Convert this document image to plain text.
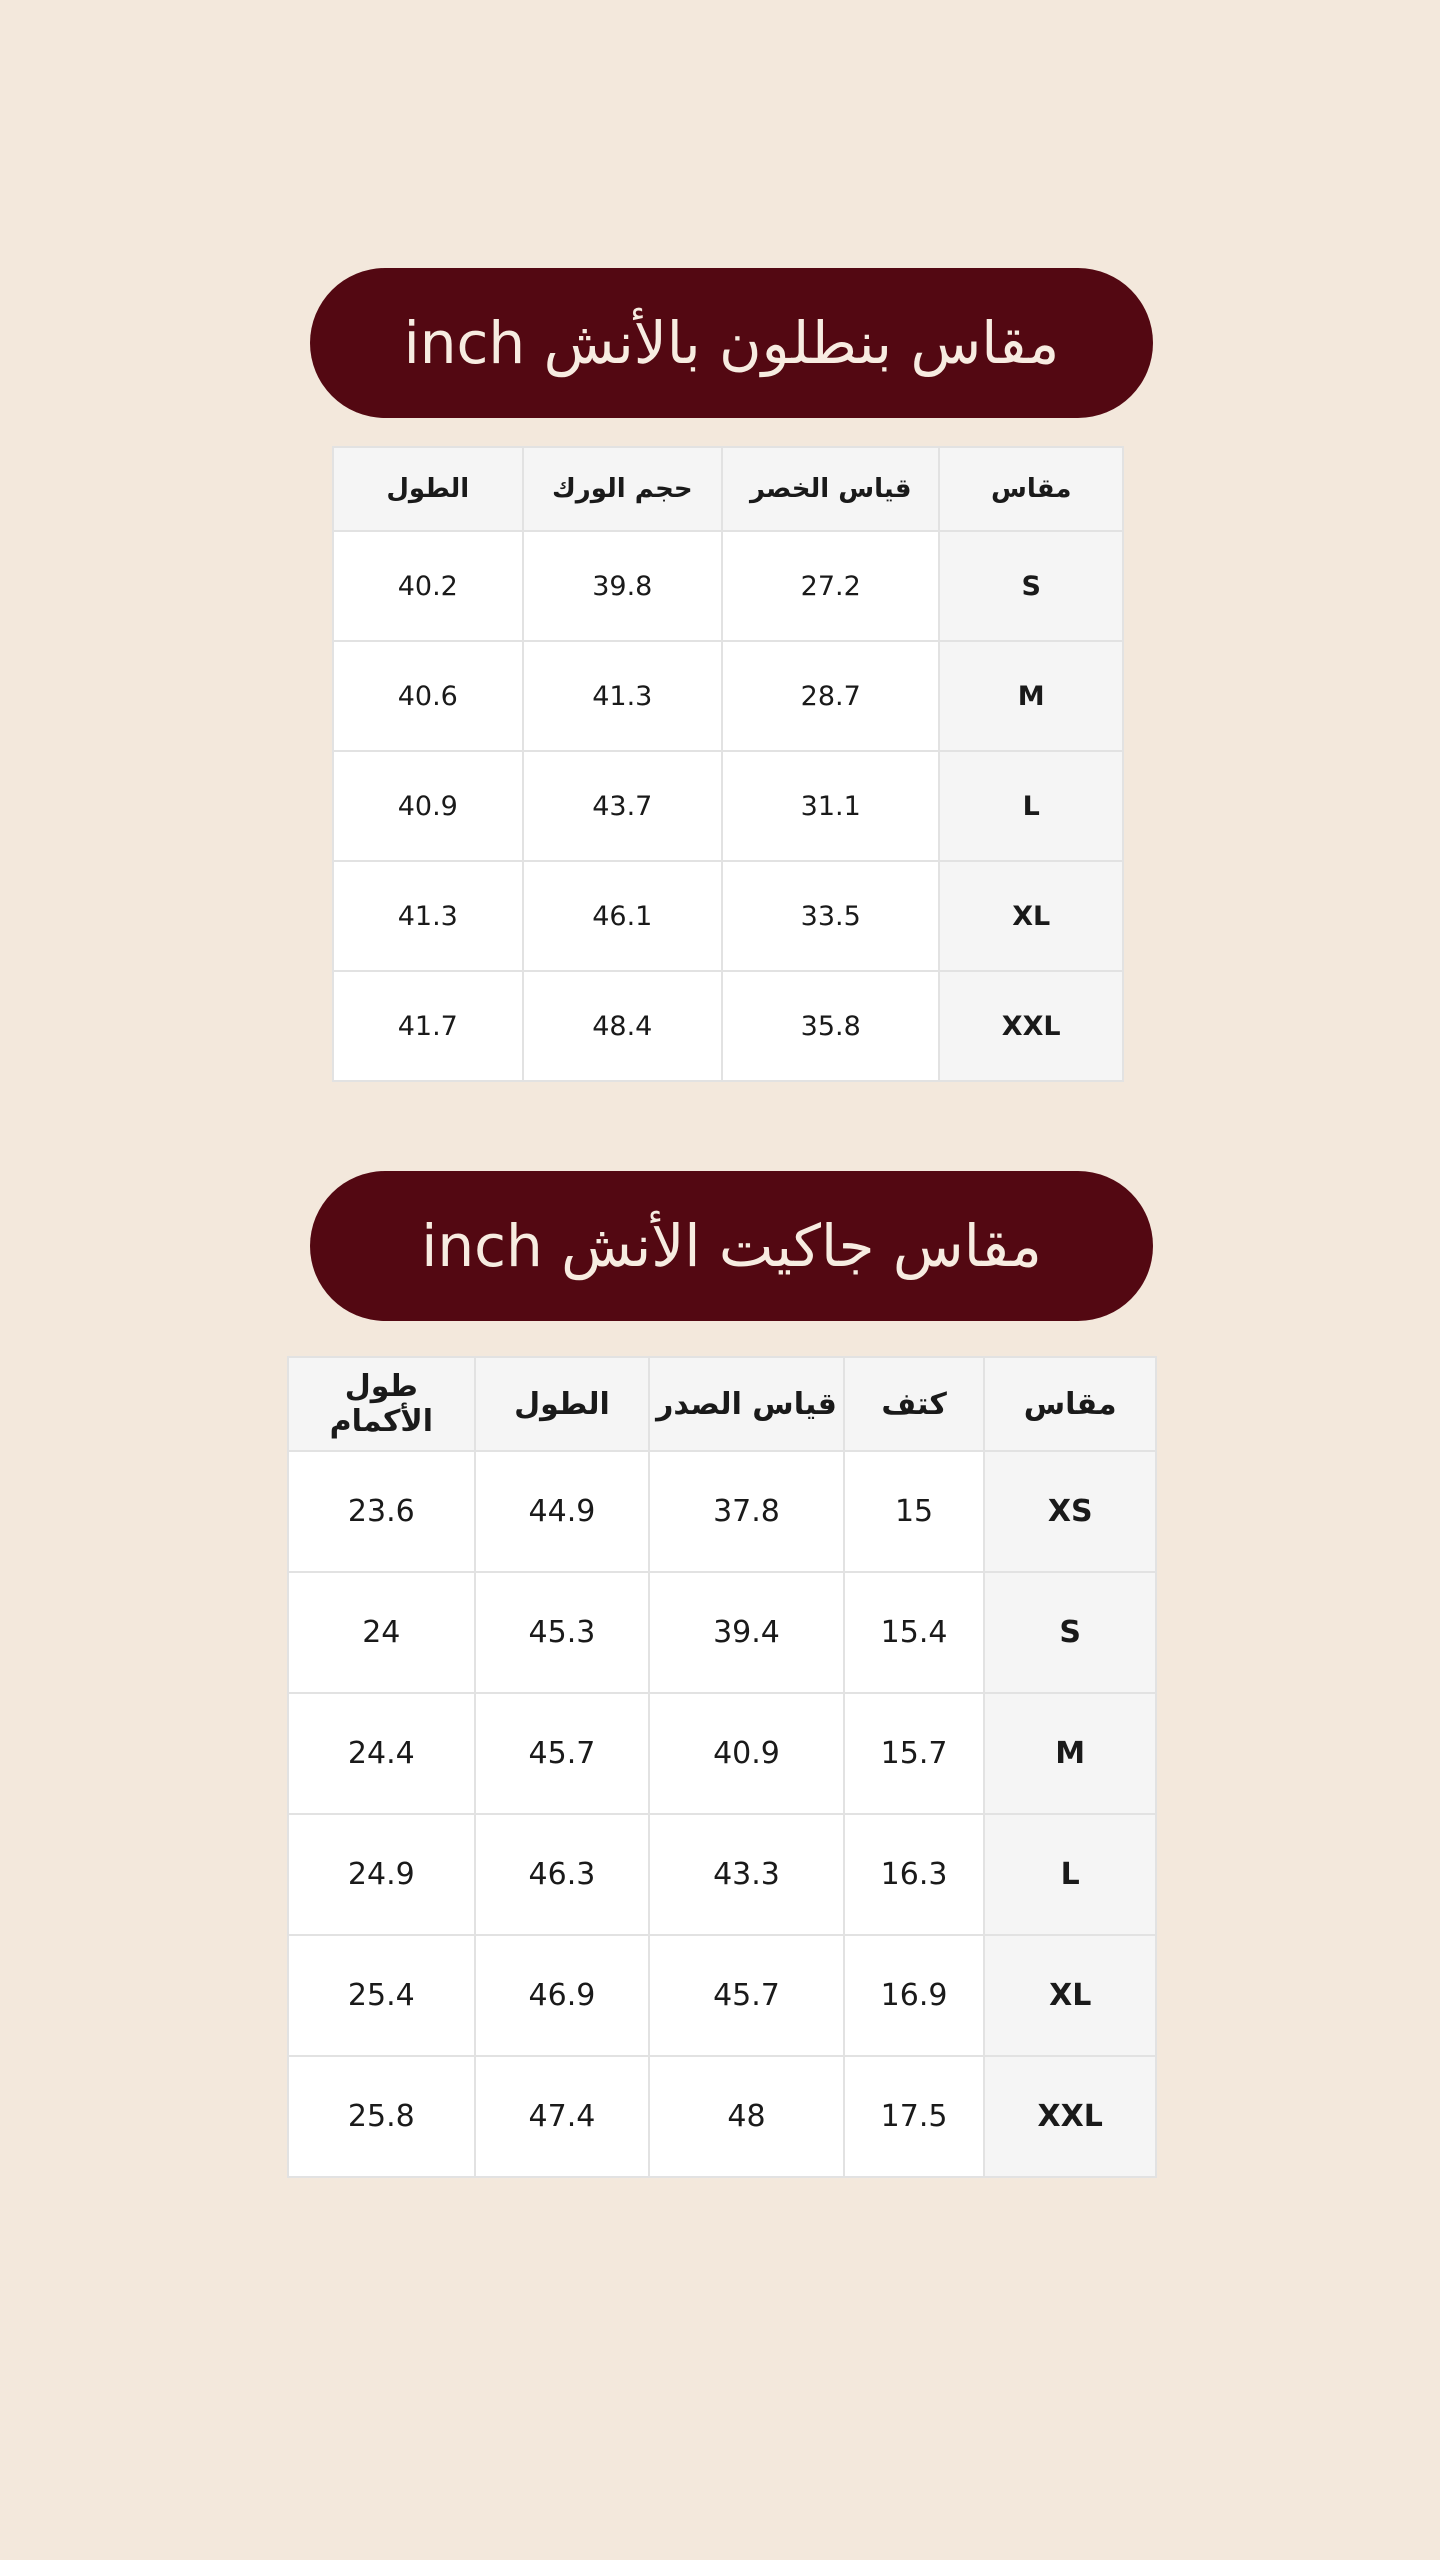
مقاس بنطلون بالأنش inch
مقاس	قياس الخصر	حجم الورك	الطول
S	27.2	39.8	40.2
M	28.7	41.3	40.6
L	31.1	43.7	40.9
XL	33.5	46.1	41.3
XXL	35.8	48.4	41.7
مقاس جاكيت الأنش inch
مقاس	كتف	قياس الصدر	الطول	طول الأكمام
XS	15	37.8	44.9	23.6
S	15.4	39.4	45.3	24
M	15.7	40.9	45.7	24.4
L	16.3	43.3	46.3	24.9
XL	16.9	45.7	46.9	25.4
XXL	17.5	48	47.4	25.8
